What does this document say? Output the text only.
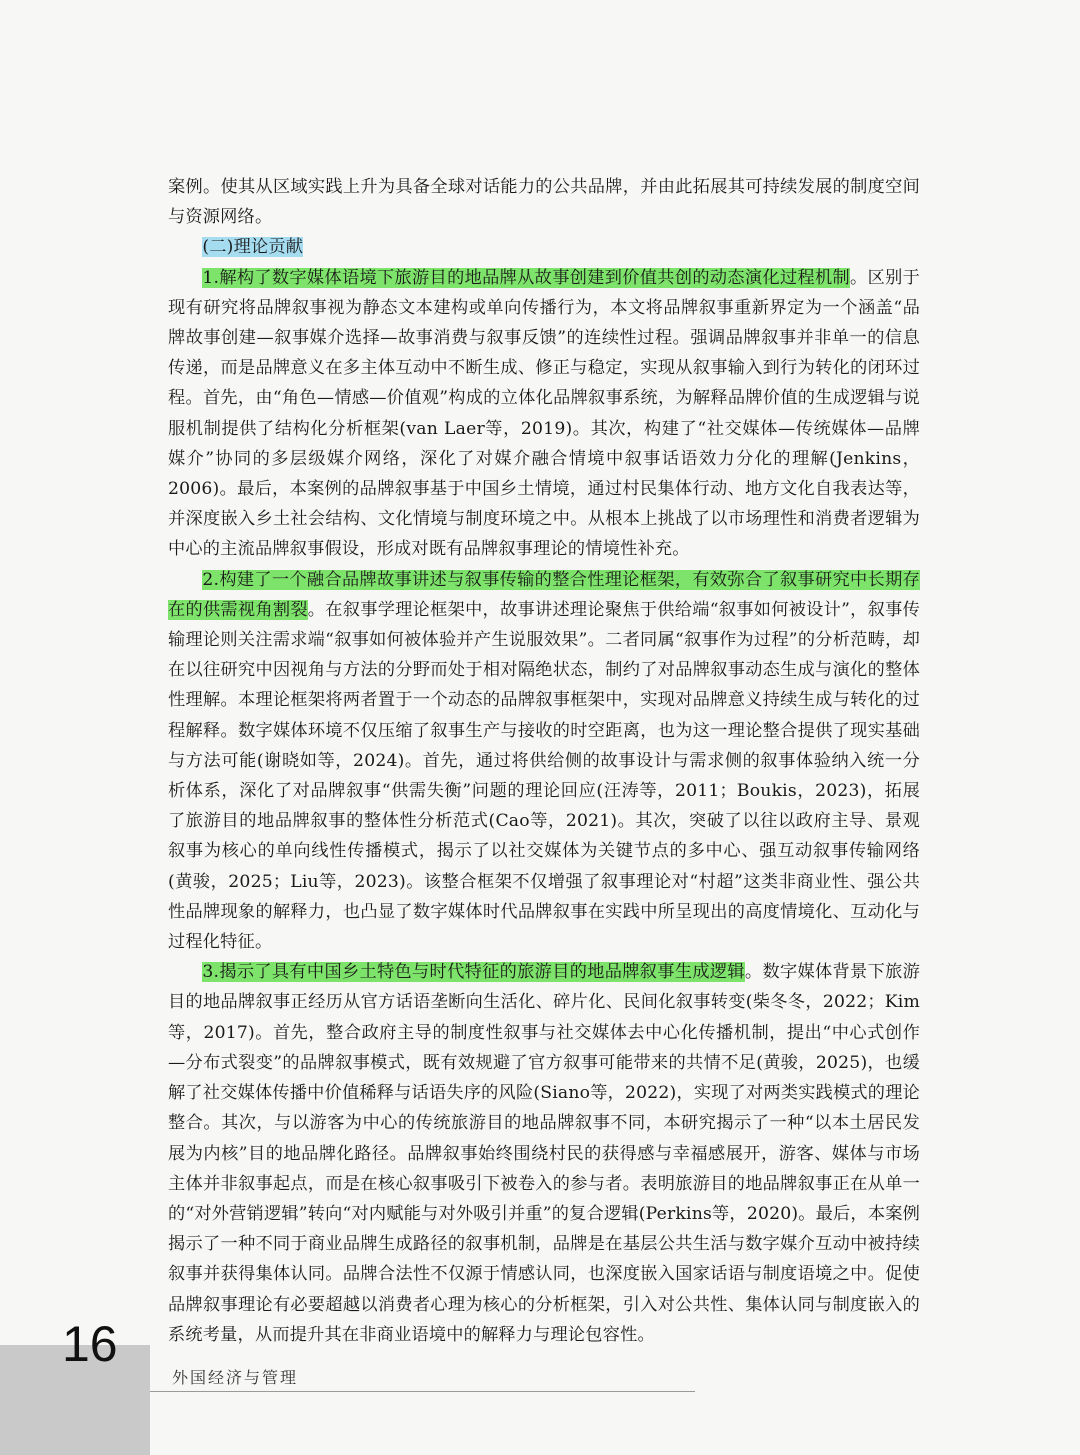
案例。使其从区域实践上升为具备全球对话能力的公共品牌，并由此拓展其可持续发展的制度空间与资源网络。

(二)理论贡献

1.解构了数字媒体语境下旅游目的地品牌从故事创建到价值共创的动态演化过程机制。区别于现有研究将品牌叙事视为静态文本建构或单向传播行为，本文将品牌叙事重新界定为一个涵盖“品牌故事创建—叙事媒介选择—故事消费与叙事反馈”的连续性过程。强调品牌叙事并非单一的信息传递，而是品牌意义在多主体互动中不断生成、修正与稳定，实现从叙事输入到行为转化的闭环过程。首先，由“角色—情感—价值观”构成的立体化品牌叙事系统，为解释品牌价值的生成逻辑与说服机制提供了结构化分析框架(van Laer等，2019)。其次，构建了“社交媒体—传统媒体—品牌媒介”协同的多层级媒介网络，深化了对媒介融合情境中叙事话语效力分化的理解(Jenkins，2006)。最后，本案例的品牌叙事基于中国乡土情境，通过村民集体行动、地方文化自我表达等，并深度嵌入乡土社会结构、文化情境与制度环境之中。从根本上挑战了以市场理性和消费者逻辑为中心的主流品牌叙事假设，形成对既有品牌叙事理论的情境性补充。

2.构建了一个融合品牌故事讲述与叙事传输的整合性理论框架，有效弥合了叙事研究中长期存在的供需视角割裂。在叙事学理论框架中，故事讲述理论聚焦于供给端“叙事如何被设计”，叙事传输理论则关注需求端“叙事如何被体验并产生说服效果”。二者同属“叙事作为过程”的分析范畴，却在以往研究中因视角与方法的分野而处于相对隔绝状态，制约了对品牌叙事动态生成与演化的整体性理解。本理论框架将两者置于一个动态的品牌叙事框架中，实现对品牌意义持续生成与转化的过程解释。数字媒体环境不仅压缩了叙事生产与接收的时空距离，也为这一理论整合提供了现实基础与方法可能(谢晓如等，2024)。首先，通过将供给侧的故事设计与需求侧的叙事体验纳入统一分析体系，深化了对品牌叙事“供需失衡”问题的理论回应(汪涛等，2011；Boukis，2023)，拓展了旅游目的地品牌叙事的整体性分析范式(Cao等，2021)。其次，突破了以往以政府主导、景观叙事为核心的单向线性传播模式，揭示了以社交媒体为关键节点的多中心、强互动叙事传输网络(黄骏，2025；Liu等，2023)。该整合框架不仅增强了叙事理论对“村超”这类非商业性、强公共性品牌现象的解释力，也凸显了数字媒体时代品牌叙事在实践中所呈现出的高度情境化、互动化与过程化特征。

3.揭示了具有中国乡土特色与时代特征的旅游目的地品牌叙事生成逻辑。数字媒体背景下旅游目的地品牌叙事正经历从官方话语垄断向生活化、碎片化、民间化叙事转变(柴冬冬，2022；Kim等，2017)。首先，整合政府主导的制度性叙事与社交媒体去中心化传播机制，提出“中心式创作—分布式裂变”的品牌叙事模式，既有效规避了官方叙事可能带来的共情不足(黄骏，2025)，也缓解了社交媒体传播中价值稀释与话语失序的风险(Siano等，2022)，实现了对两类实践模式的理论整合。其次，与以游客为中心的传统旅游目的地品牌叙事不同，本研究揭示了一种“以本土居民发展为内核”目的地品牌化路径。品牌叙事始终围绕村民的获得感与幸福感展开，游客、媒体与市场主体并非叙事起点，而是在核心叙事吸引下被卷入的参与者。表明旅游目的地品牌叙事正在从单一的“对外营销逻辑”转向“对内赋能与对外吸引并重”的复合逻辑(Perkins等，2020)。最后，本案例揭示了一种不同于商业品牌生成路径的叙事机制，品牌是在基层公共生活与数字媒介互动中被持续叙事并获得集体认同。品牌合法性不仅源于情感认同，也深度嵌入国家话语与制度语境之中。促使品牌叙事理论有必要超越以消费者心理为核心的分析框架，引入对公共性、集体认同与制度嵌入的系统考量，从而提升其在非商业语境中的解释力与理论包容性。

16
外国经济与管理
